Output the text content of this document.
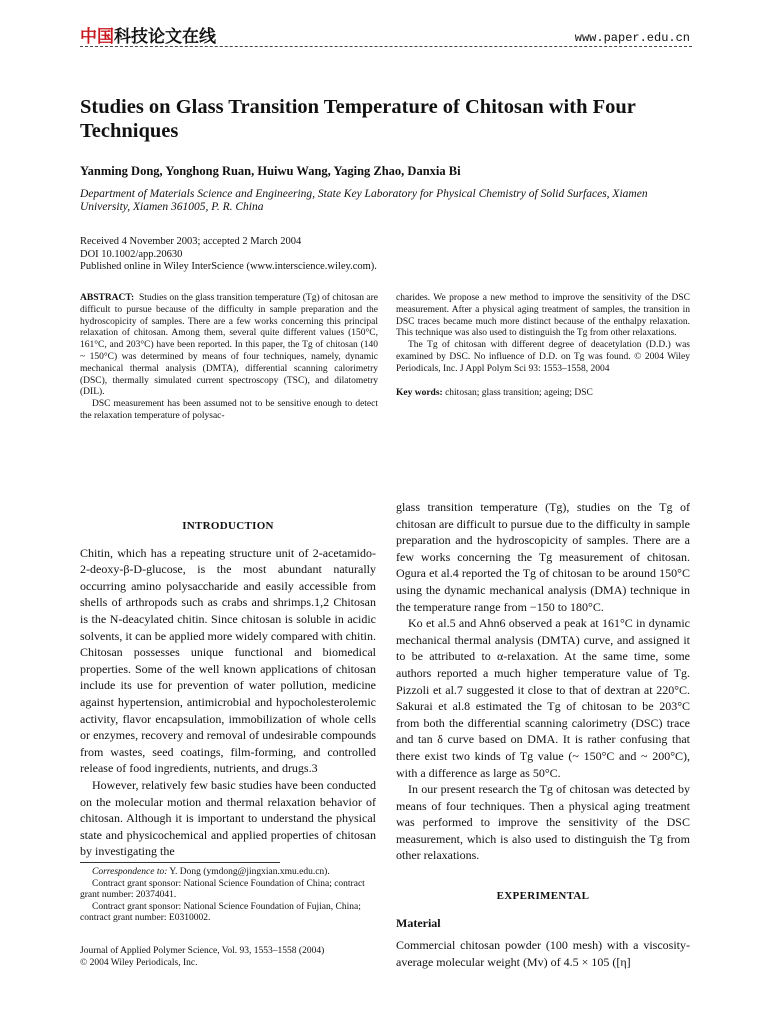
中国科技论文在线	www.paper.edu.cn
Studies on Glass Transition Temperature of Chitosan with Four Techniques
Yanming Dong, Yonghong Ruan, Huiwu Wang, Yaging Zhao, Danxia Bi
Department of Materials Science and Engineering, State Key Laboratory for Physical Chemistry of Solid Surfaces, Xiamen University, Xiamen 361005, P. R. China
Received 4 November 2003; accepted 2 March 2004
DOI 10.1002/app.20630
Published online in Wiley InterScience (www.interscience.wiley.com).

ABSTRACT: Studies on the glass transition temperature (Tg) of chitosan are difficult to pursue because of the difficulty in sample preparation and the hydroscopicity of samples. There are a few works concerning this principal relaxation of chitosan. Among them, several quite different values (150°C, 161°C, and 203°C) have been reported. In this paper, the Tg of chitosan (140 ~ 150°C) was determined by means of four techniques, namely, dynamic mechanical thermal analysis (DMTA), differential scanning calorimetry (DSC), thermally simulated current spectroscopy (TSC), and dilatometry (DIL).

DSC measurement has been assumed not to be sensitive enough to detect the relaxation temperature of polysac-

charides. We propose a new method to improve the sensitivity of the DSC measurement. After a physical aging treatment of samples, the transition in DSC traces became much more distinct because of the enthalpy relaxation. This technique was also used to distinguish the Tg from other relaxations.

The Tg of chitosan with different degree of deacetylation (D.D.) was examined by DSC. No influence of D.D. on Tg was found. © 2004 Wiley Periodicals, Inc. J Appl Polym Sci 93: 1553–1558, 2004

Key words: chitosan; glass transition; ageing; DSC

INTRODUCTION

Chitin, which has a repeating structure unit of 2-acetamido-2-deoxy-β-D-glucose, is the most abundant naturally occurring amino polysaccharide and easily accessible from shells of arthropods such as crabs and shrimps.1,2 Chitosan is the N-deacylated chitin. Since chitosan is soluble in acidic solvents, it can be applied more widely compared with chitin. Chitosan possesses unique functional and biomedical properties. Some of the well known applications of chitosan include its use for prevention of water pollution, medicine against hypertension, antimicrobial and hypocholesterolemic activity, flavor encapsulation, immobilization of whole cells or enzymes, recovery and removal of undesirable compounds from wastes, seed coatings, film-forming, and controlled release of food ingredients, nutrients, and drugs.3

However, relatively few basic studies have been conducted on the molecular motion and thermal relaxation behavior of chitosan. Although it is important to understand the physical state and physicochemical and applied properties of chitosan by investigating the

Correspondence to: Y. Dong (ymdong@jingxian.xmu.edu.cn).

Contract grant sponsor: National Science Foundation of China; contract grant number: 20374041.

Contract grant sponsor: National Science Foundation of Fujian, China; contract grant number: E0310002.

Journal of Applied Polymer Science, Vol. 93, 1553–1558 (2004)
© 2004 Wiley Periodicals, Inc.

glass transition temperature (Tg), studies on the Tg of chitosan are difficult to pursue due to the difficulty in sample preparation and the hydroscopicity of samples. There are a few works concerning the Tg measurement of chitosan. Ogura et al.4 reported the Tg of chitosan to be around 150°C using the dynamic mechanical analysis (DMA) technique in the temperature range from −150 to 180°C.

Ko et al.5 and Ahn6 observed a peak at 161°C in dynamic mechanical thermal analysis (DMTA) curve, and assigned it to be attributed to α-relaxation. At the same time, some authors reported a much higher temperature value of Tg. Pizzoli et al.7 suggested it close to that of dextran at 220°C. Sakurai et al.8 estimated the Tg of chitosan to be 203°C from both the differential scanning calorimetry (DSC) trace and tan δ curve based on DMA. It is rather confusing that there exist two kinds of Tg value (~ 150°C and ~ 200°C), with a difference as large as 50°C.

In our present research the Tg of chitosan was detected by means of four techniques. Then a physical aging treatment was performed to improve the sensitivity of the DSC measurement, which is also used to distinguish the Tg from other relaxations.

EXPERIMENTAL
Material

Commercial chitosan powder (100 mesh) with a viscosity-average molecular weight (Mv) of 4.5 × 105 ([η]
